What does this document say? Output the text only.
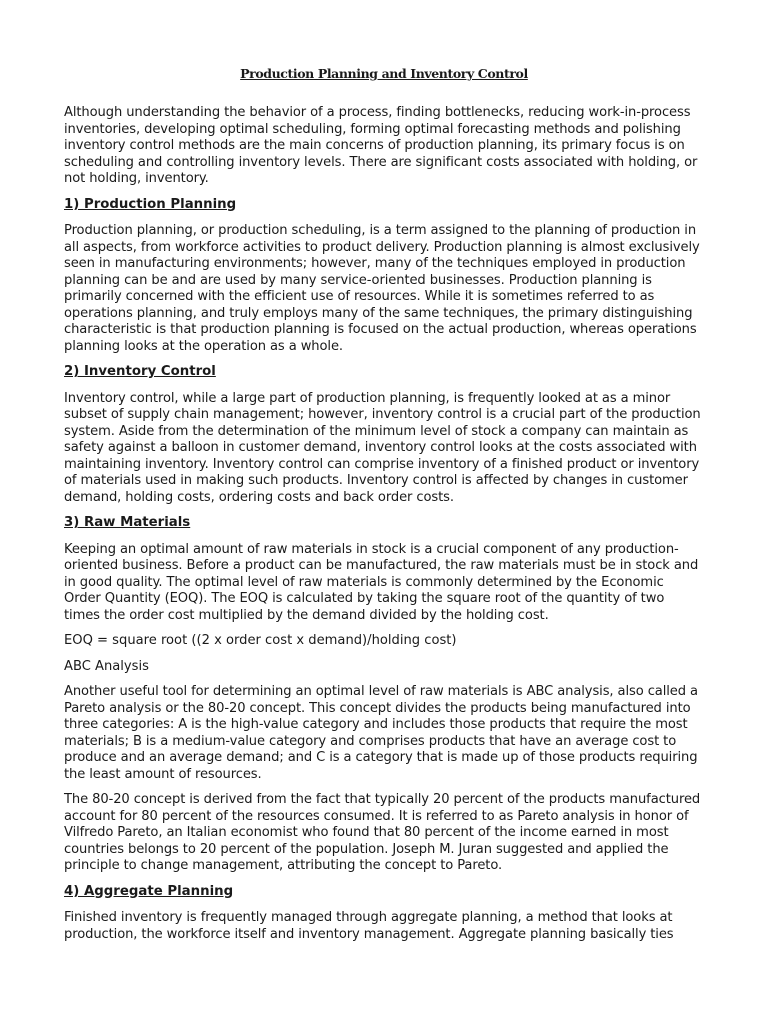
Production Planning and Inventory Control

Although understanding the behavior of a process, finding bottlenecks, reducing work-in-process inventories, developing optimal scheduling, forming optimal forecasting methods and polishing inventory control methods are the main concerns of production planning, its primary focus is on scheduling and controlling inventory levels. There are significant costs associated with holding, or not holding, inventory.

1) Production Planning

Production planning, or production scheduling, is a term assigned to the planning of production in all aspects, from workforce activities to product delivery. Production planning is almost exclusively seen in manufacturing environments; however, many of the techniques employed in production planning can be and are used by many service-oriented businesses. Production planning is primarily concerned with the efficient use of resources. While it is sometimes referred to as operations planning, and truly employs many of the same techniques, the primary distinguishing characteristic is that production planning is focused on the actual production, whereas operations planning looks at the operation as a whole.

2) Inventory Control

Inventory control, while a large part of production planning, is frequently looked at as a minor subset of supply chain management; however, inventory control is a crucial part of the production system. Aside from the determination of the minimum level of stock a company can maintain as safety against a balloon in customer demand, inventory control looks at the costs associated with maintaining inventory. Inventory control can comprise inventory of a finished product or inventory of materials used in making such products. Inventory control is affected by changes in customer demand, holding costs, ordering costs and back order costs.

3) Raw Materials

Keeping an optimal amount of raw materials in stock is a crucial component of any production-oriented business. Before a product can be manufactured, the raw materials must be in stock and in good quality. The optimal level of raw materials is commonly determined by the Economic Order Quantity (EOQ). The EOQ is calculated by taking the square root of the quantity of two times the order cost multiplied by the demand divided by the holding cost.

EOQ = square root ((2 x order cost x demand)/holding cost)

ABC Analysis

Another useful tool for determining an optimal level of raw materials is ABC analysis, also called a Pareto analysis or the 80-20 concept. This concept divides the products being manufactured into three categories: A is the high-value category and includes those products that require the most materials; B is a medium-value category and comprises products that have an average cost to produce and an average demand; and C is a category that is made up of those products requiring the least amount of resources.

The 80-20 concept is derived from the fact that typically 20 percent of the products manufactured account for 80 percent of the resources consumed. It is referred to as Pareto analysis in honor of Vilfredo Pareto, an Italian economist who found that 80 percent of the income earned in most countries belongs to 20 percent of the population. Joseph M. Juran suggested and applied the principle to change management, attributing the concept to Pareto.

4) Aggregate Planning

Finished inventory is frequently managed through aggregate planning, a method that looks at production, the workforce itself and inventory management. Aggregate planning basically ties
